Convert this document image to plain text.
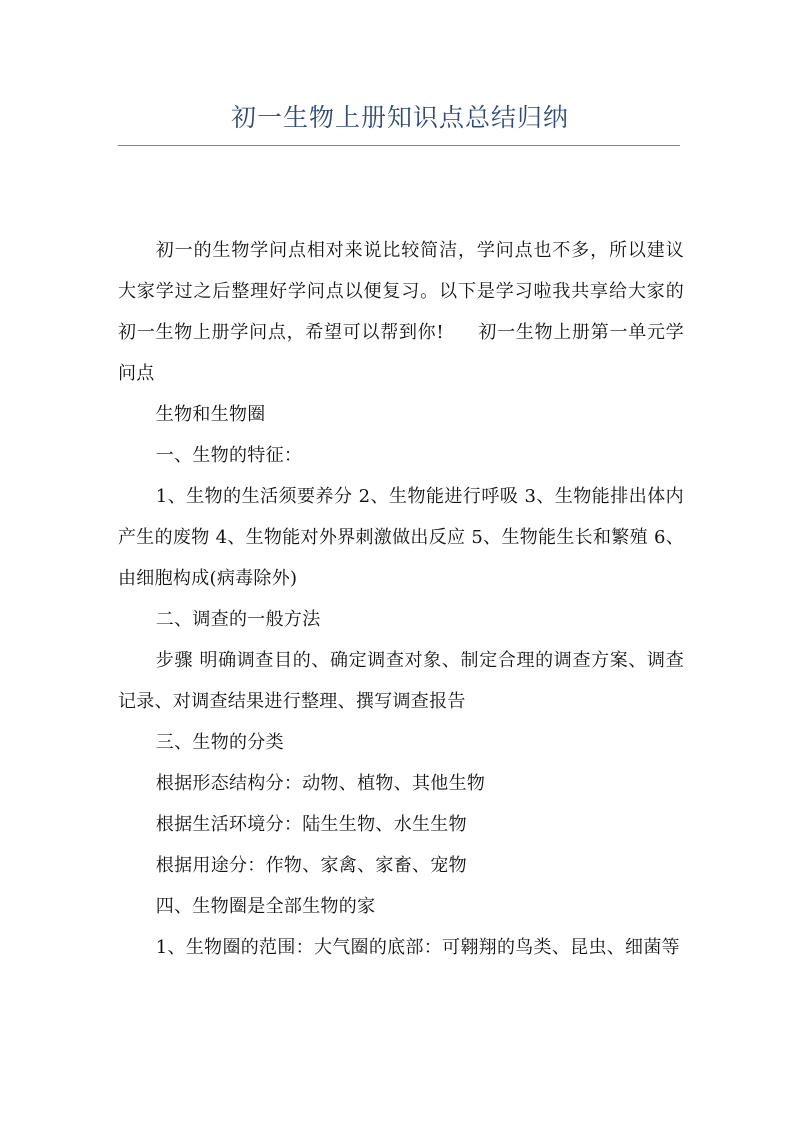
初一生物上册知识点总结归纳

初一的生物学问点相对来说比较简洁，学问点也不多，所以建议大家学过之后整理好学问点以便复习。以下是学习啦我共享给大家的初一生物上册学问点，希望可以帮到你! 初一生物上册第一单元学问点

生物和生物圈

一、生物的特征：

1、生物的生活须要养分 2、生物能进行呼吸 3、生物能排出体内产生的废物 4、生物能对外界刺激做出反应 5、生物能生长和繁殖 6、由细胞构成(病毒除外)

二、调查的一般方法

步骤 明确调查目的、确定调查对象、制定合理的调查方案、调查记录、对调查结果进行整理、撰写调查报告

三、生物的分类

根据形态结构分：动物、植物、其他生物

根据生活环境分：陆生生物、水生生物

根据用途分：作物、家禽、家畜、宠物

四、生物圈是全部生物的家

1、生物圈的范围：大气圈的底部：可翱翔的鸟类、昆虫、细菌等
